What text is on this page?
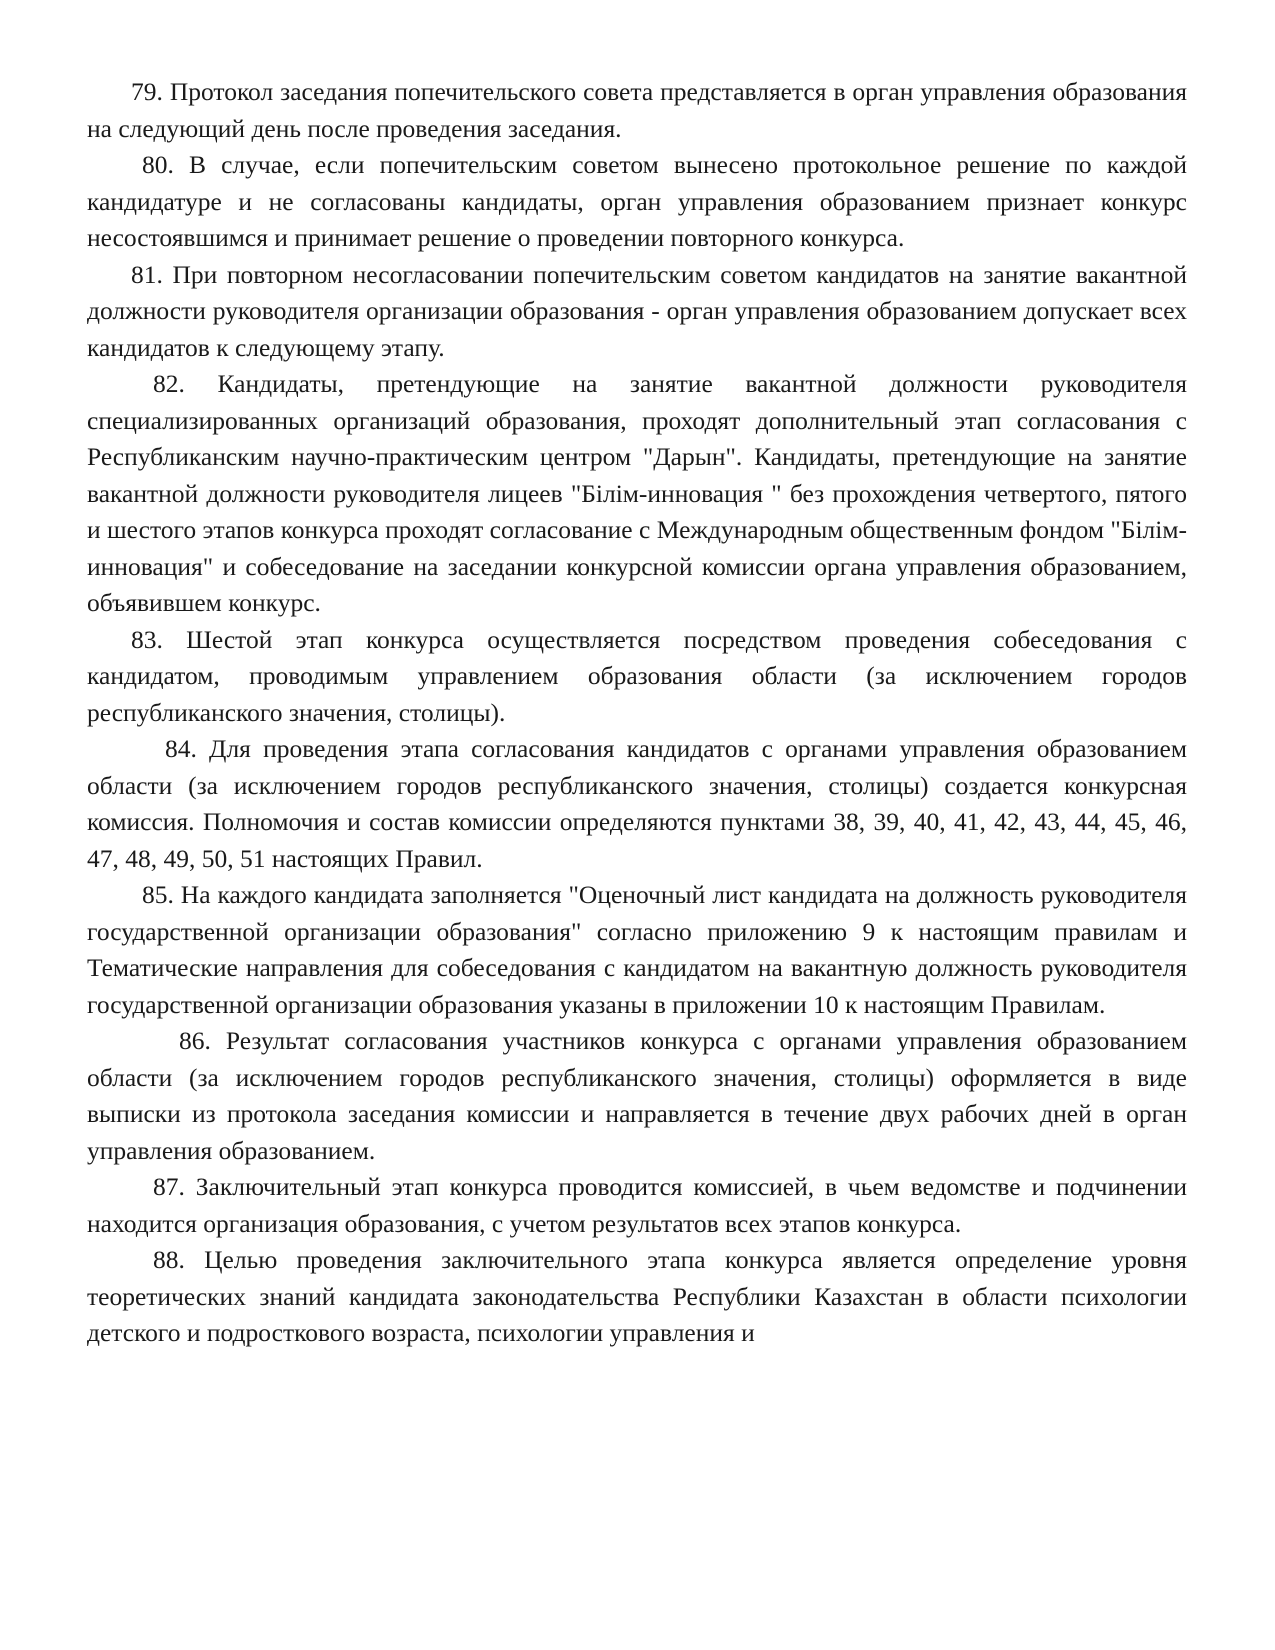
79. Протокол заседания попечительского совета представляется в орган управления образования на следующий день после проведения заседания.

80. В случае, если попечительским советом вынесено протокольное решение по каждой кандидатуре и не согласованы кандидаты, орган управления образованием признает конкурс несостоявшимся и принимает решение о проведении повторного конкурса.

81. При повторном несогласовании попечительским советом кандидатов на занятие вакантной должности руководителя организации образования - орган управления образованием допускает всех кандидатов к следующему этапу.

82. Кандидаты, претендующие на занятие вакантной должности руководителя специализированных организаций образования, проходят дополнительный этап согласования с Республиканским научно-практическим центром "Дарын". Кандидаты, претендующие на занятие вакантной должности руководителя лицеев "Білім-инновация " без прохождения четвертого, пятого и шестого этапов конкурса проходят согласование с Международным общественным фондом "Білім-инновация" и собеседование на заседании конкурсной комиссии органа управления образованием, объявившем конкурс.

83. Шестой этап конкурса осуществляется посредством проведения собеседования с кандидатом, проводимым управлением образования области (за исключением городов республиканского значения, столицы).

84. Для проведения этапа согласования кандидатов с органами управления образованием области (за исключением городов республиканского значения, столицы) создается конкурсная комиссия. Полномочия и состав комиссии определяются пунктами 38, 39, 40, 41, 42, 43, 44, 45, 46, 47, 48, 49, 50, 51 настоящих Правил.

85. На каждого кандидата заполняется "Оценочный лист кандидата на должность руководителя государственной организации образования" согласно приложению 9 к настоящим правилам и Тематические направления для собеседования с кандидатом на вакантную должность руководителя государственной организации образования указаны в приложении 10 к настоящим Правилам.

86. Результат согласования участников конкурса с органами управления образованием области (за исключением городов республиканского значения, столицы) оформляется в виде выписки из протокола заседания комиссии и направляется в течение двух рабочих дней в орган управления образованием.

87. Заключительный этап конкурса проводится комиссией, в чьем ведомстве и подчинении находится организация образования, с учетом результатов всех этапов конкурса.

88. Целью проведения заключительного этапа конкурса является определение уровня теоретических знаний кандидата законодательства Республики Казахстан в области психологии детского и подросткового возраста, психологии управления и
